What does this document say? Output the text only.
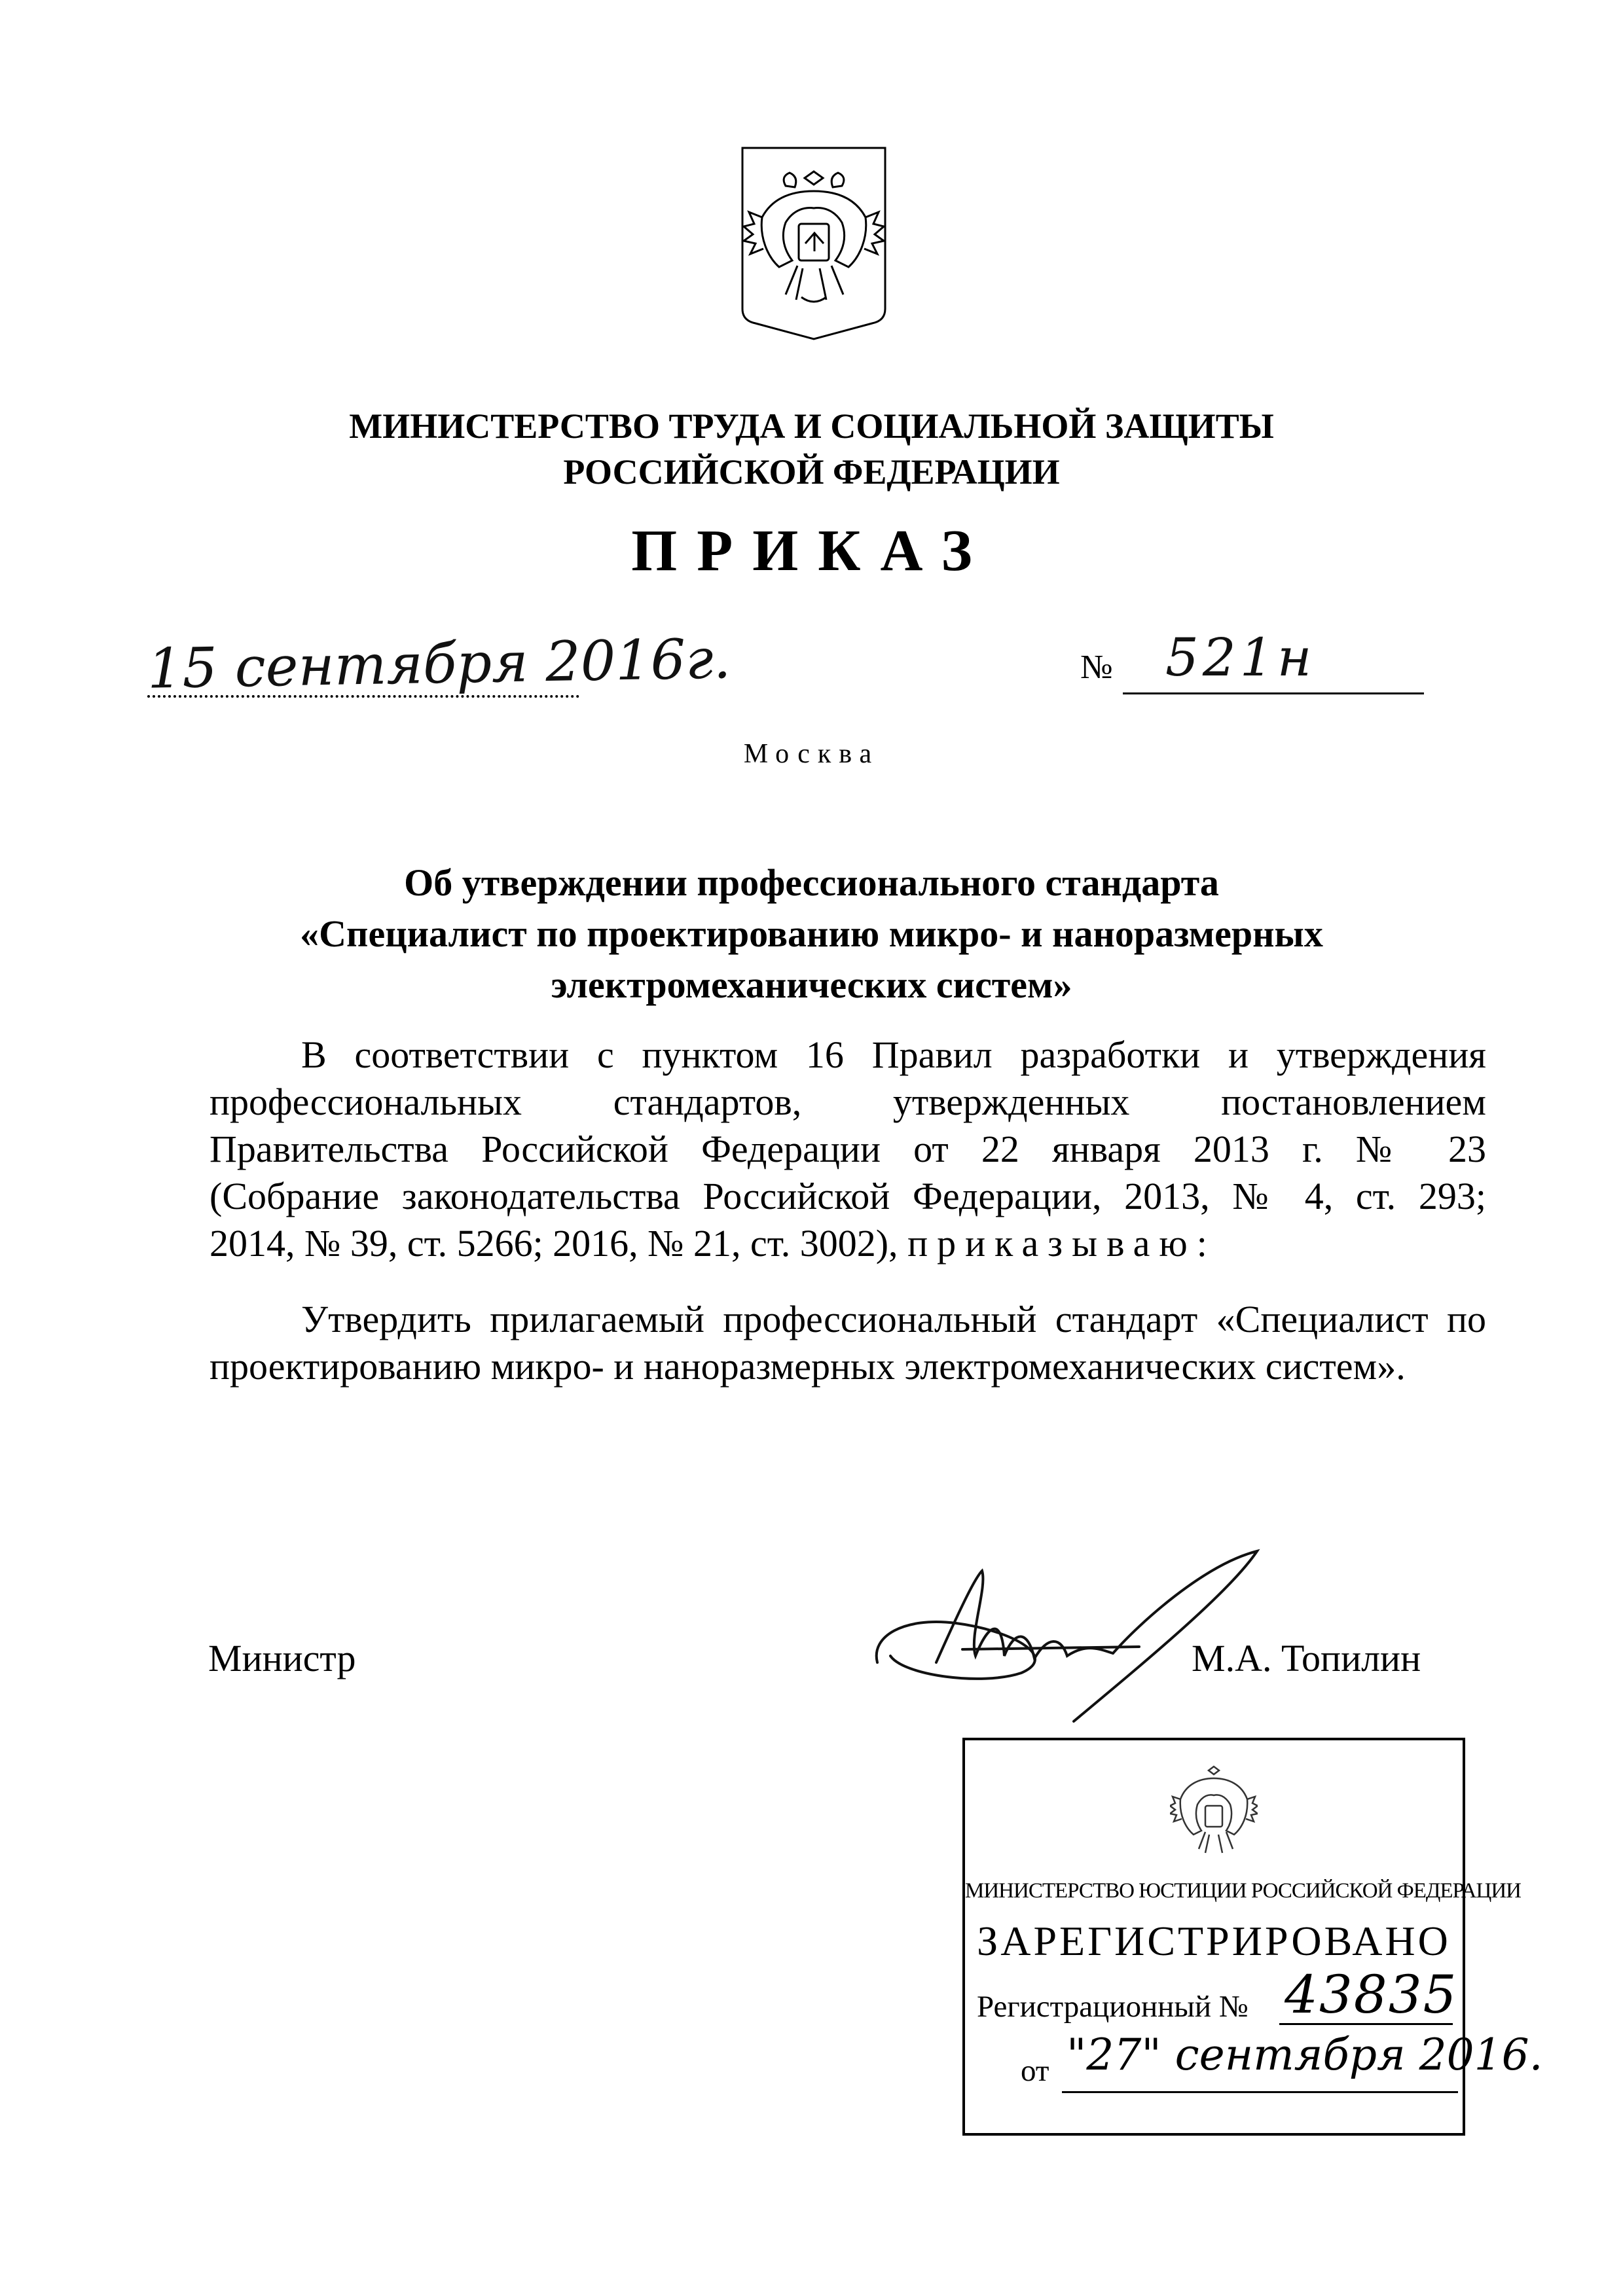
МИНИСТЕРСТВО ТРУДА И СОЦИАЛЬНОЙ ЗАЩИТЫ
РОССИЙСКОЙ ФЕДЕРАЦИИ
ПРИКАЗ
15 сентября 2016г.	№ 521н
Москва
Об утверждении профессионального стандарта
«Специалист по проектированию микро- и наноразмерных
электромеханических систем»
В соответствии с пунктом 16 Правил разработки и утверждения
профессиональных стандартов, утвержденных постановлением
Правительства Российской Федерации от 22 января 2013 г. № 23
(Собрание законодательства Российской Федерации, 2013, № 4, ст. 293;
2014, № 39, ст. 5266; 2016, № 21, ст. 3002), приказываю:
Утвердить прилагаемый профессиональный стандарт «Специалист по
проектированию микро- и наноразмерных электромеханических систем».
Министр	М.А. Топилин
МИНИСТЕРСТВО ЮСТИЦИИ РОССИЙСКОЙ ФЕДЕРАЦИИ
ЗАРЕГИСТРИРОВАНО
Регистрационный № 43835
от "27" сентября 2016.
